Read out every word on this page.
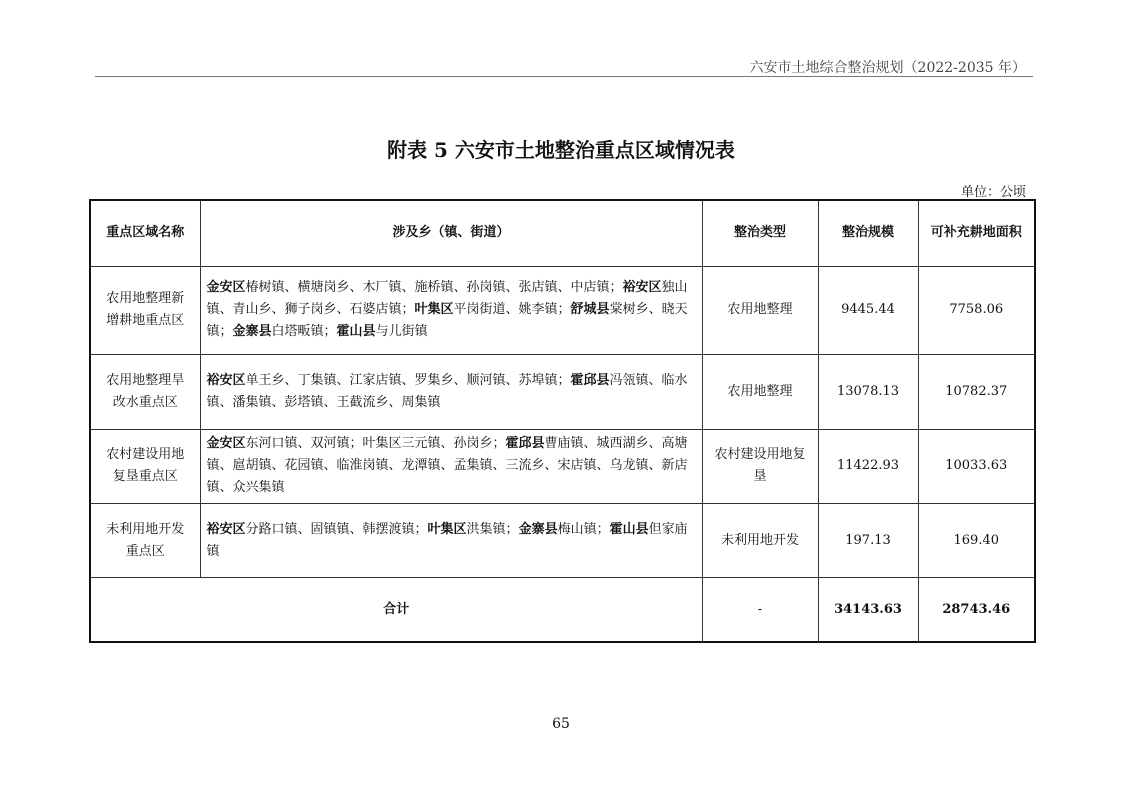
六安市土地综合整治规划（2022-2035 年）
附表 5 六安市土地整治重点区域情况表
单位：公顷
重点区域名称	涉及乡（镇、街道）	整治类型	整治规模	可补充耕地面积
农用地整理新增耕地重点区	金安区椿树镇、横塘岗乡、木厂镇、施桥镇、孙岗镇、张店镇、中店镇；裕安区独山镇、青山乡、狮子岗乡、石婆店镇；叶集区平岗街道、姚李镇；舒城县棠树乡、晓天镇；金寨县白塔畈镇；霍山县与儿街镇	农用地整理	9445.44	7758.06
农用地整理旱改水重点区	裕安区单王乡、丁集镇、江家店镇、罗集乡、顺河镇、苏埠镇；霍邱县冯瓴镇、临水镇、潘集镇、彭塔镇、王截流乡、周集镇	农用地整理	13078.13	10782.37
农村建设用地复垦重点区	金安区东河口镇、双河镇；叶集区三元镇、孙岗乡；霍邱县曹庙镇、城西湖乡、高塘镇、扈胡镇、花园镇、临淮岗镇、龙潭镇、孟集镇、三流乡、宋店镇、乌龙镇、新店镇、众兴集镇	农村建设用地复垦	11422.93	10033.63
未利用地开发重点区	裕安区分路口镇、固镇镇、韩摆渡镇；叶集区洪集镇；金寨县梅山镇；霍山县但家庙镇	未利用地开发	197.13	169.40
合计		-	34143.63	28743.46
65
